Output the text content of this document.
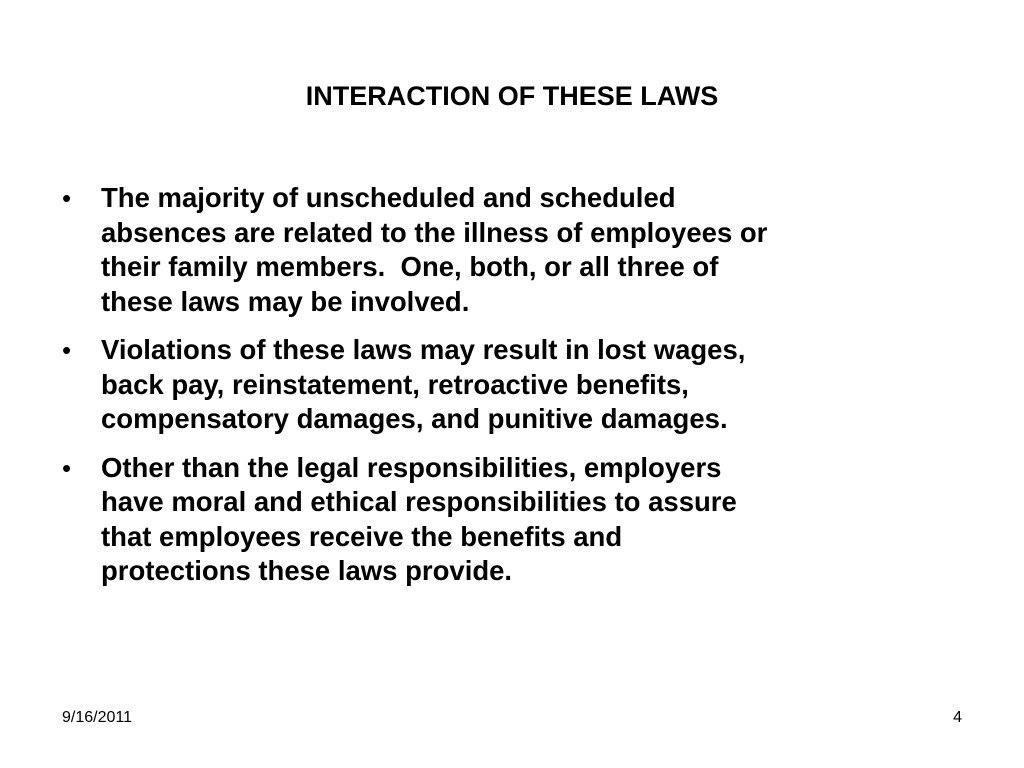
INTERACTION OF THESE LAWS
• The majority of unscheduled and scheduled
absences are related to the illness of employees or
their family members.  One, both, or all three of
these laws may be involved.
• Violations of these laws may result in lost wages,
back pay, reinstatement, retroactive benefits,
compensatory damages, and punitive damages.
• Other than the legal responsibilities, employers
have moral and ethical responsibilities to assure
that employees receive the benefits and
protections these laws provide.
9/16/2011	4
